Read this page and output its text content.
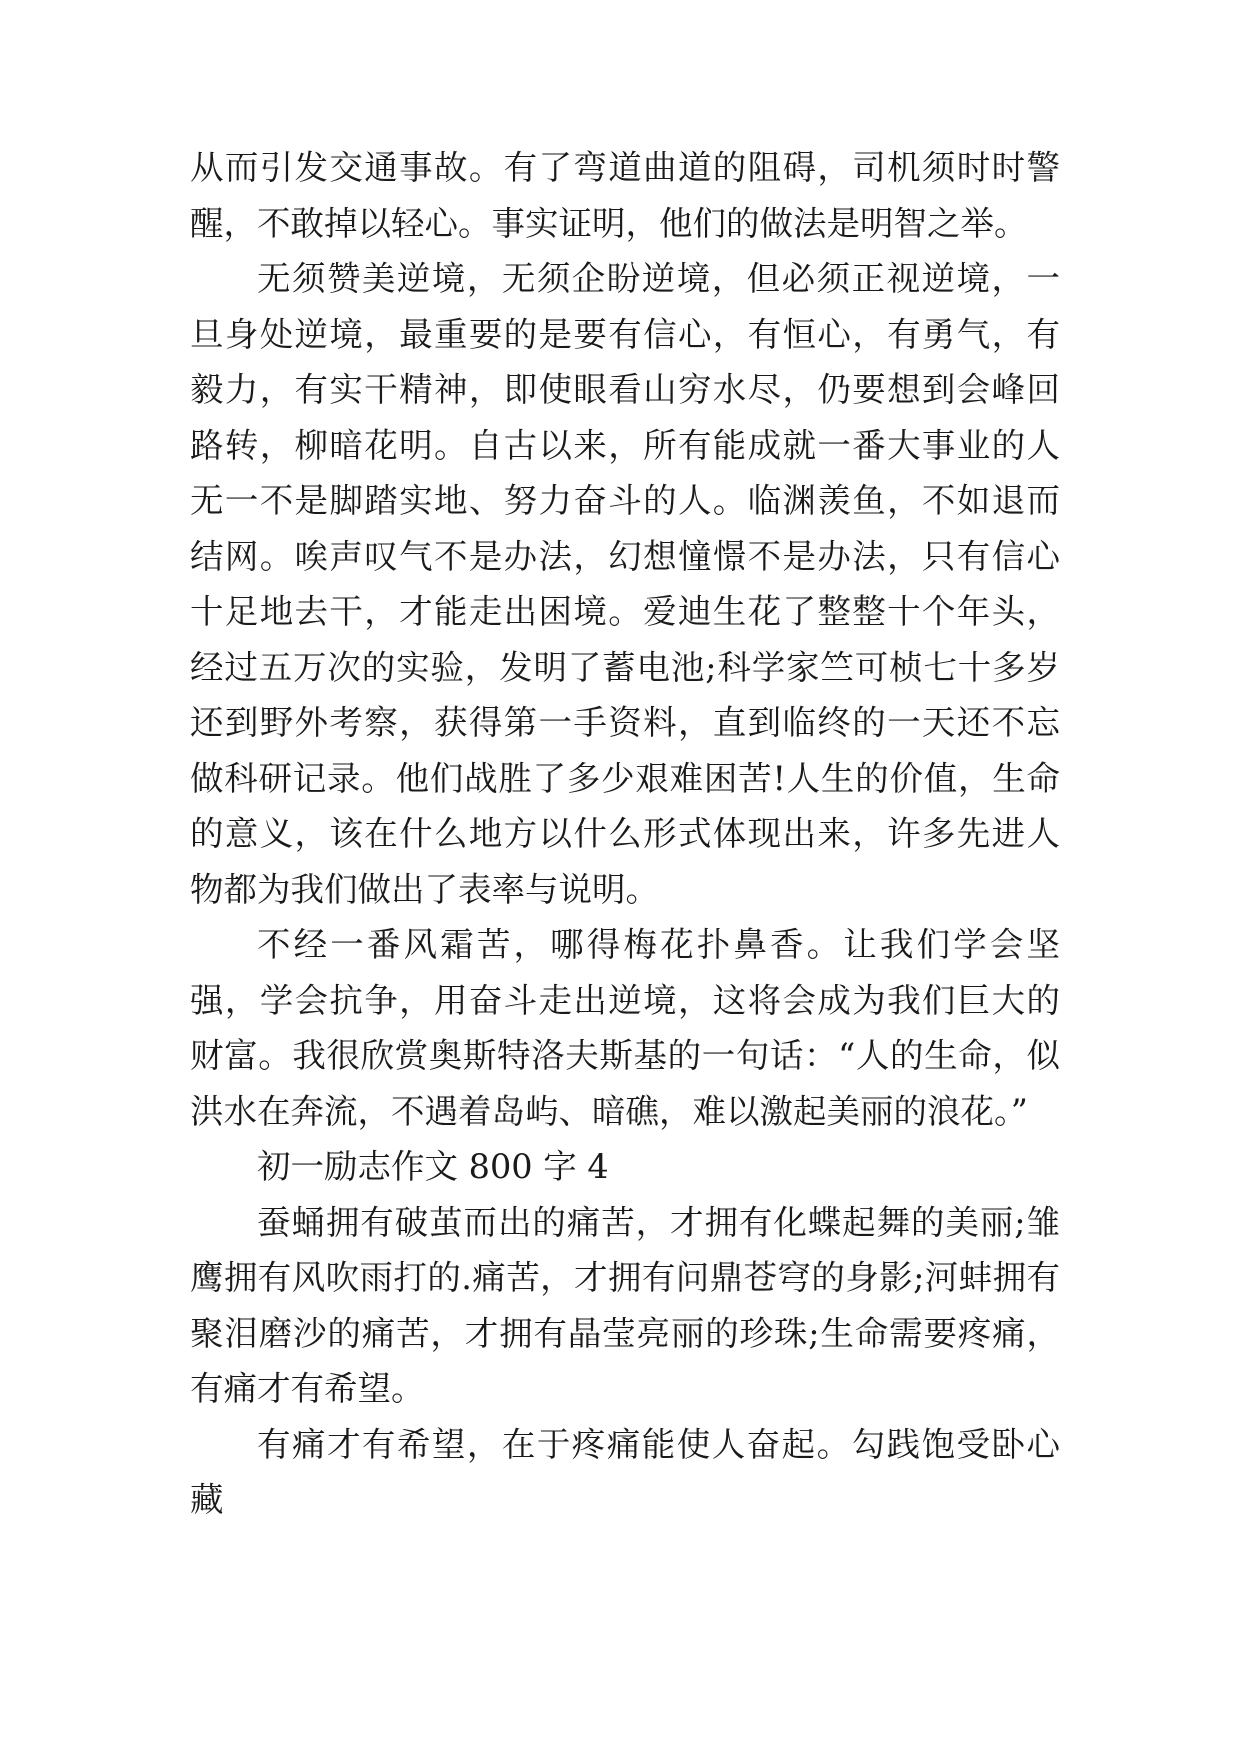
从而引发交通事故。有了弯道曲道的阻碍，司机须时时警醒，不敢掉以轻心。事实证明，他们的做法是明智之举。

无须赞美逆境，无须企盼逆境，但必须正视逆境，一旦身处逆境，最重要的是要有信心，有恒心，有勇气，有毅力，有实干精神，即使眼看山穷水尽，仍要想到会峰回路转，柳暗花明。自古以来，所有能成就一番大事业的人无一不是脚踏实地、努力奋斗的人。临渊羡鱼，不如退而结网。唉声叹气不是办法，幻想憧憬不是办法，只有信心十足地去干，才能走出困境。爱迪生花了整整十个年头，经过五万次的实验，发明了蓄电池;科学家竺可桢七十多岁还到野外考察，获得第一手资料，直到临终的一天还不忘做科研记录。他们战胜了多少艰难困苦!人生的价值，生命的意义，该在什么地方以什么形式体现出来，许多先进人物都为我们做出了表率与说明。

不经一番风霜苦，哪得梅花扑鼻香。让我们学会坚强，学会抗争，用奋斗走出逆境，这将会成为我们巨大的财富。我很欣赏奥斯特洛夫斯基的一句话：“人的生命，似洪水在奔流，不遇着岛屿、暗礁，难以激起美丽的浪花。”

初一励志作文 800 字 4

蚕蛹拥有破茧而出的痛苦，才拥有化蝶起舞的美丽;雏鹰拥有风吹雨打的.痛苦，才拥有问鼎苍穹的身影;河蚌拥有聚泪磨沙的痛苦，才拥有晶莹亮丽的珍珠;生命需要疼痛，有痛才有希望。

有痛才有希望，在于疼痛能使人奋起。勾践饱受卧心藏
